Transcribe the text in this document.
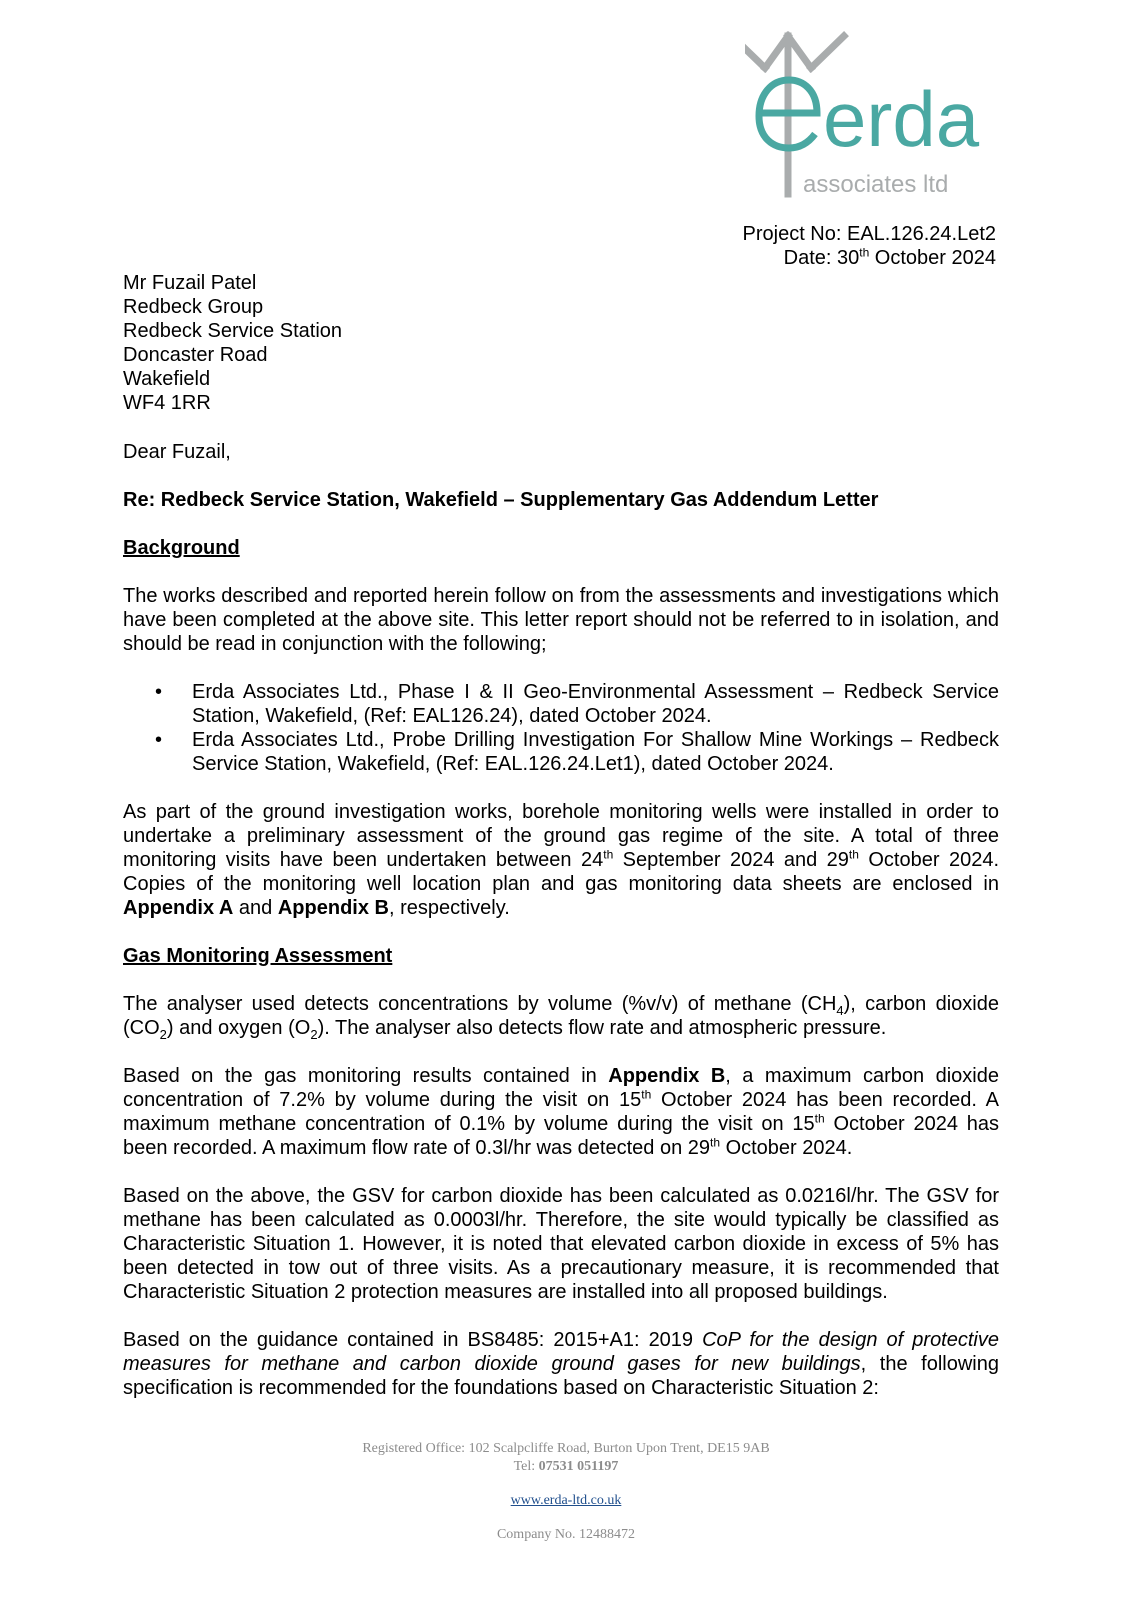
erda
associates ltd
Project No: EAL.126.24.Let2
Date: 30th October 2024
Mr Fuzail Patel
Redbeck Group
Redbeck Service Station
Doncaster Road
Wakefield
WF4 1RR

Dear Fuzail,

Re: Redbeck Service Station, Wakefield – Supplementary Gas Addendum Letter

Background

The works described and reported herein follow on from the assessments and investigations which have been completed at the above site. This letter report should not be referred to in isolation, and should be read in conjunction with the following;

• Erda Associates Ltd., Phase I & II Geo-Environmental Assessment – Redbeck Service Station, Wakefield, (Ref: EAL126.24), dated October 2024.
• Erda Associates Ltd., Probe Drilling Investigation For Shallow Mine Workings – Redbeck Service Station, Wakefield, (Ref: EAL.126.24.Let1), dated October 2024.

As part of the ground investigation works, borehole monitoring wells were installed in order to undertake a preliminary assessment of the ground gas regime of the site. A total of three monitoring visits have been undertaken between 24th September 2024 and 29th October 2024. Copies of the monitoring well location plan and gas monitoring data sheets are enclosed in Appendix A and Appendix B, respectively.

Gas Monitoring Assessment

The analyser used detects concentrations by volume (%v/v) of methane $(CH_4)$, carbon dioxide $(CO_2)$ and oxygen $(O_2)$. The analyser also detects flow rate and atmospheric pressure.

Based on the gas monitoring results contained in Appendix B, a maximum carbon dioxide concentration of 7.2% by volume during the visit on 15th October 2024 has been recorded. A maximum methane concentration of 0.1% by volume during the visit on 15th October 2024 has been recorded. A maximum flow rate of 0.3l/hr was detected on 29th October 2024.

Based on the above, the GSV for carbon dioxide has been calculated as 0.0216l/hr. The GSV for methane has been calculated as 0.0003l/hr. Therefore, the site would typically be classified as Characteristic Situation 1. However, it is noted that elevated carbon dioxide in excess of 5% has been detected in tow out of three visits. As a precautionary measure, it is recommended that Characteristic Situation 2 protection measures are installed into all proposed buildings.

Based on the guidance contained in BS8485: 2015+A1: 2019 CoP for the design of protective measures for methane and carbon dioxide ground gases for new buildings, the following specification is recommended for the foundations based on Characteristic Situation 2:

Registered Office: 102 Scalpcliffe Road, Burton Upon Trent, DE15 9AB
Tel: 07531 051197
www.erda-ltd.co.uk
Company No. 12488472
